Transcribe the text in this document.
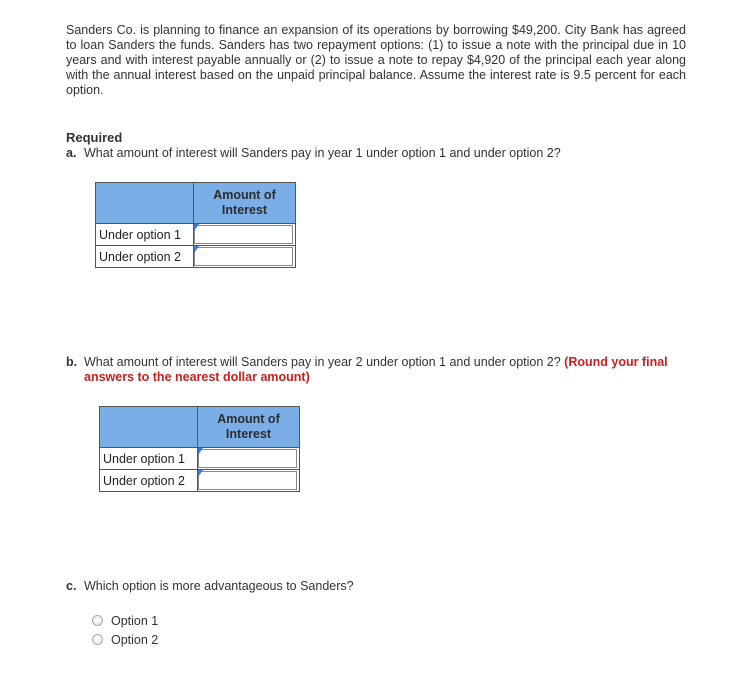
Sanders Co. is planning to finance an expansion of its operations by borrowing $49,200. City Bank has agreed to loan Sanders the funds. Sanders has two repayment options: (1) to issue a note with the principal due in 10 years and with interest payable annually or (2) to issue a note to repay $4,920 of the principal each year along with the annual interest based on the unpaid principal balance. Assume the interest rate is 9.5 percent for each option.

Required

a. What amount of interest will Sanders pay in year 1 under option 1 and under option 2?

	Amount of Interest
Under option 1	

Under option 2	

b. What amount of interest will Sanders pay in year 2 under option 1 and under option 2? (Round your final answers to the nearest dollar amount)

	Amount of Interest
Under option 1	

Under option 2	

c. Which option is more advantageous to Sanders?

Option 1
Option 2
